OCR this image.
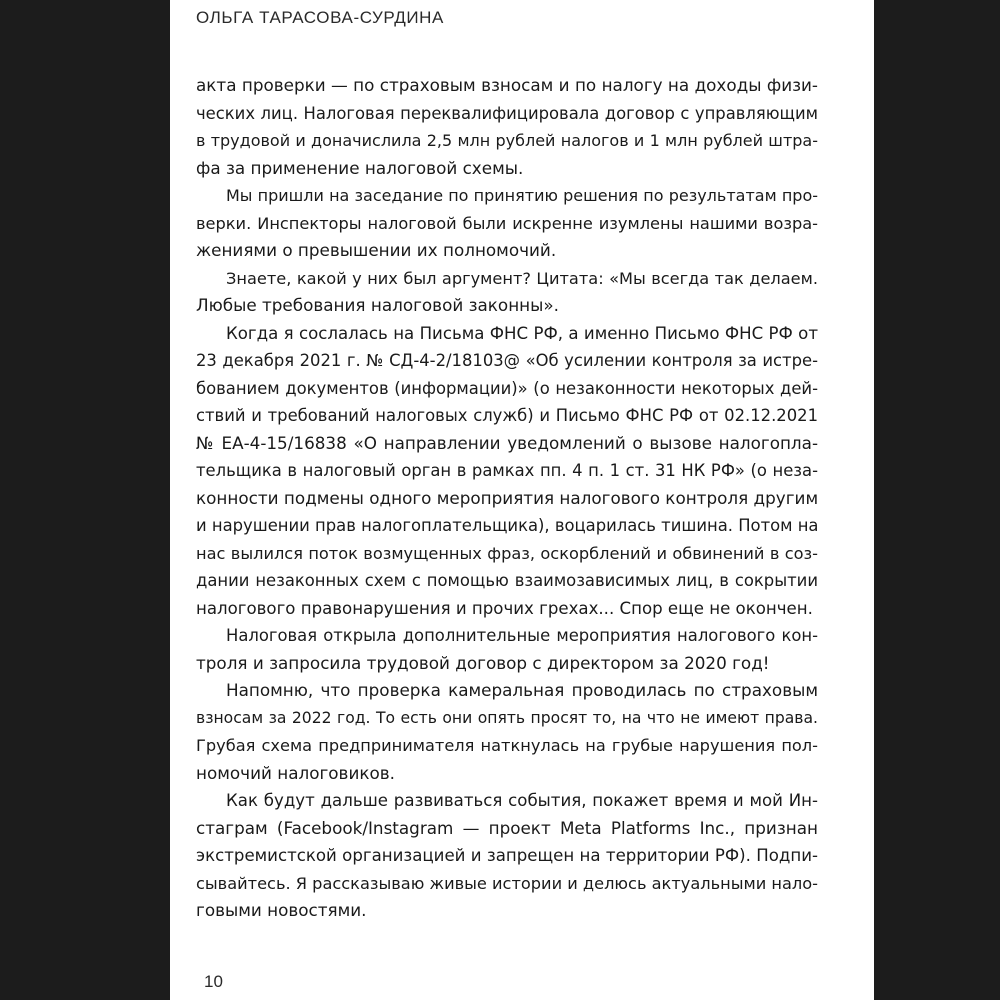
ОЛЬГА ТАРАСОВА-СУРДИНА
акта проверки — по страховым взносам и по налогу на доходы физи-
ческих лиц. Налоговая переквалифицировала договор с управляющим
в трудовой и доначислила 2,5 млн рублей налогов и 1 млн рублей штра-
фа за применение налоговой схемы.
Мы пришли на заседание по принятию решения по результатам про-
верки. Инспекторы налоговой были искренне изумлены нашими возра-
жениями о превышении их полномочий.
Знаете, какой у них был аргумент? Цитата: «Мы всегда так делаем.
Любые требования налоговой законны».
Когда я сослалась на Письма ФНС РФ, а именно Письмо ФНС РФ от
23 декабря 2021 г. № СД-4-2/18103@ «Об усилении контроля за истре-
бованием документов (информации)» (о незаконности некоторых дей-
ствий и требований налоговых служб) и Письмо ФНС РФ от 02.12.2021
№ ЕА-4-15/16838 «О направлении уведомлений о вызове налогопла-
тельщика в налоговый орган в рамках пп. 4 п. 1 ст. 31 НК РФ» (о неза-
конности подмены одного мероприятия налогового контроля другим
и нарушении прав налогоплательщика), воцарилась тишина. Потом на
нас вылился поток возмущенных фраз, оскорблений и обвинений в соз-
дании незаконных схем с помощью взаимозависимых лиц, в сокрытии
налогового правонарушения и прочих грехах... Спор еще не окончен.
Налоговая открыла дополнительные мероприятия налогового кон-
троля и запросила трудовой договор с директором за 2020 год!
Напомню, что проверка камеральная проводилась по страховым
взносам за 2022 год. То есть они опять просят то, на что не имеют права.
Грубая схема предпринимателя наткнулась на грубые нарушения пол-
номочий налоговиков.
Как будут дальше развиваться события, покажет время и мой Ин-
стаграм (Facebook/Instagram — проект Meta Platforms Inc., признан
экстремистской организацией и запрещен на территории РФ). Подпи-
сывайтесь. Я рассказываю живые истории и делюсь актуальными нало-
говыми новостями.
10
